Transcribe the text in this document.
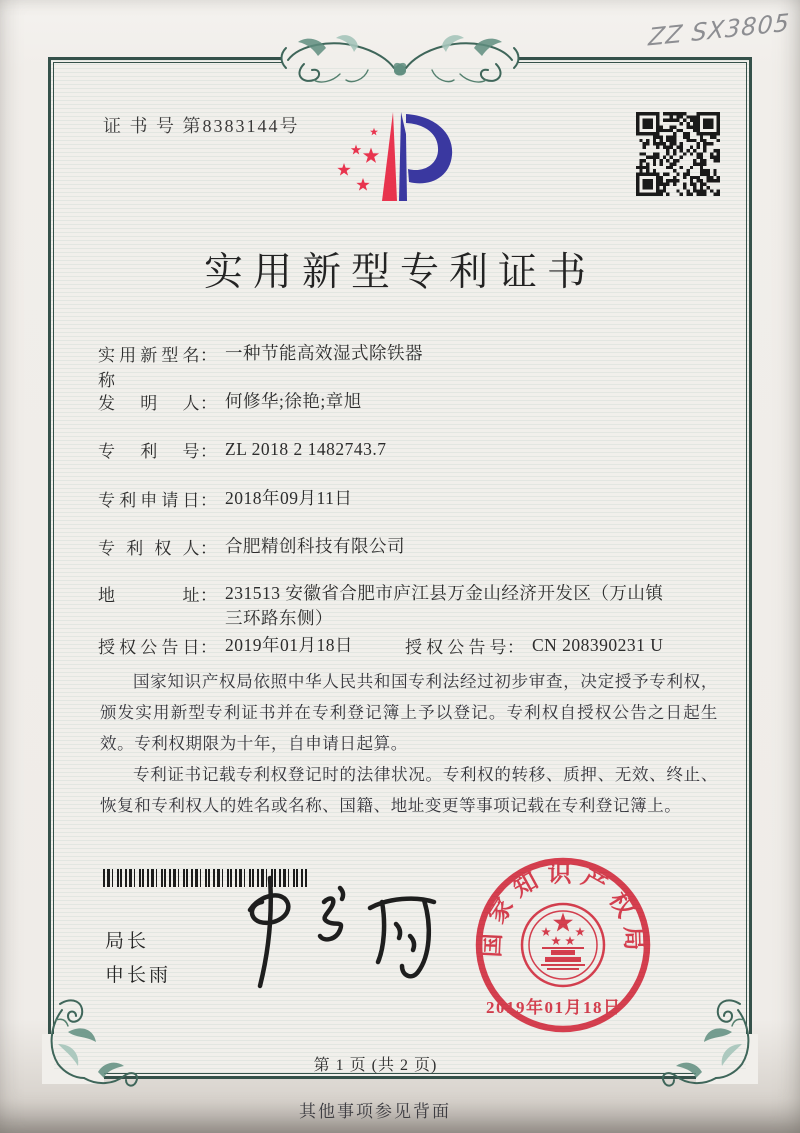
ZZ SX3805
证 书 号 第8383144号
实用新型专利证书
实用新型名称
： 一种节能高效湿式除铁器
发明人 ： 何修华;徐艳;章旭
专利号 ： ZL 2018 2 1482743.7
专利申请日 ： 2018年09月11日
专利权人 ： 合肥精创科技有限公司
地址 ： 231513 安徽省合肥市庐江县万金山经济开发区（万山镇三环路东侧）
授权公告日 ： 2019年01月18日	授权公告号 ： CN 208390231 U

国家知识产权局依照中华人民共和国专利法经过初步审查，决定授予专利权，颁发实用新型专利证书并在专利登记簿上予以登记。专利权自授权公告之日起生效。专利权期限为十年，自申请日起算。

专利证书记载专利权登记时的法律状况。专利权的转移、质押、无效、终止、恢复和专利权人的姓名或名称、国籍、地址变更等事项记载在专利登记簿上。

局长
申长雨
国家知识产权局
2019年01月18日
第 1 页 (共 2 页)
其他事项参见背面
